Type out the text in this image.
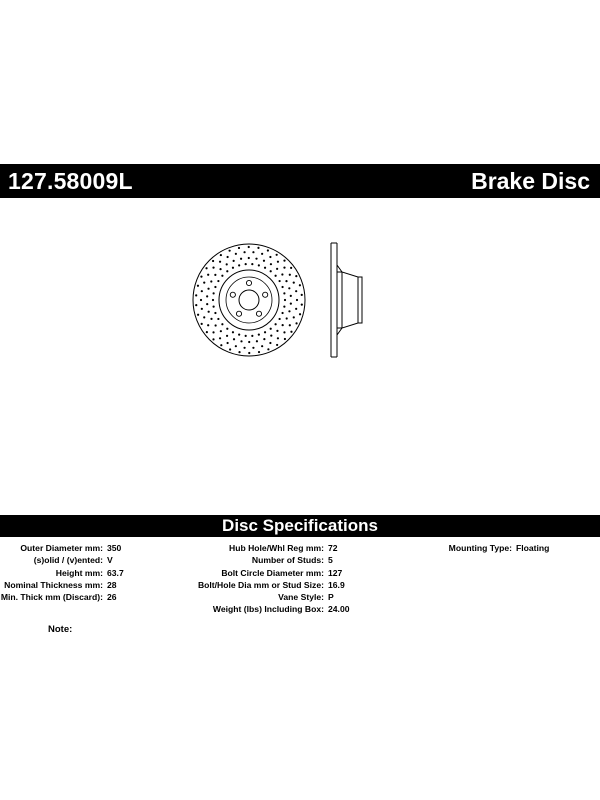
127.58009L	Brake Disc
Disc Specifications
Outer Diameter mm: 350
(s)olid / (v)ented: V
Height mm: 63.7
Nominal Thickness mm: 28
Min. Thick mm (Discard): 26
Hub Hole/Whl Reg mm: 72
Number of Studs: 5
Bolt Circle Diameter mm: 127
Bolt/Hole Dia mm or Stud Size: 16.9
Vane Style: P
Weight (lbs) Including Box: 24.00
Mounting Type: Floating
Note:
